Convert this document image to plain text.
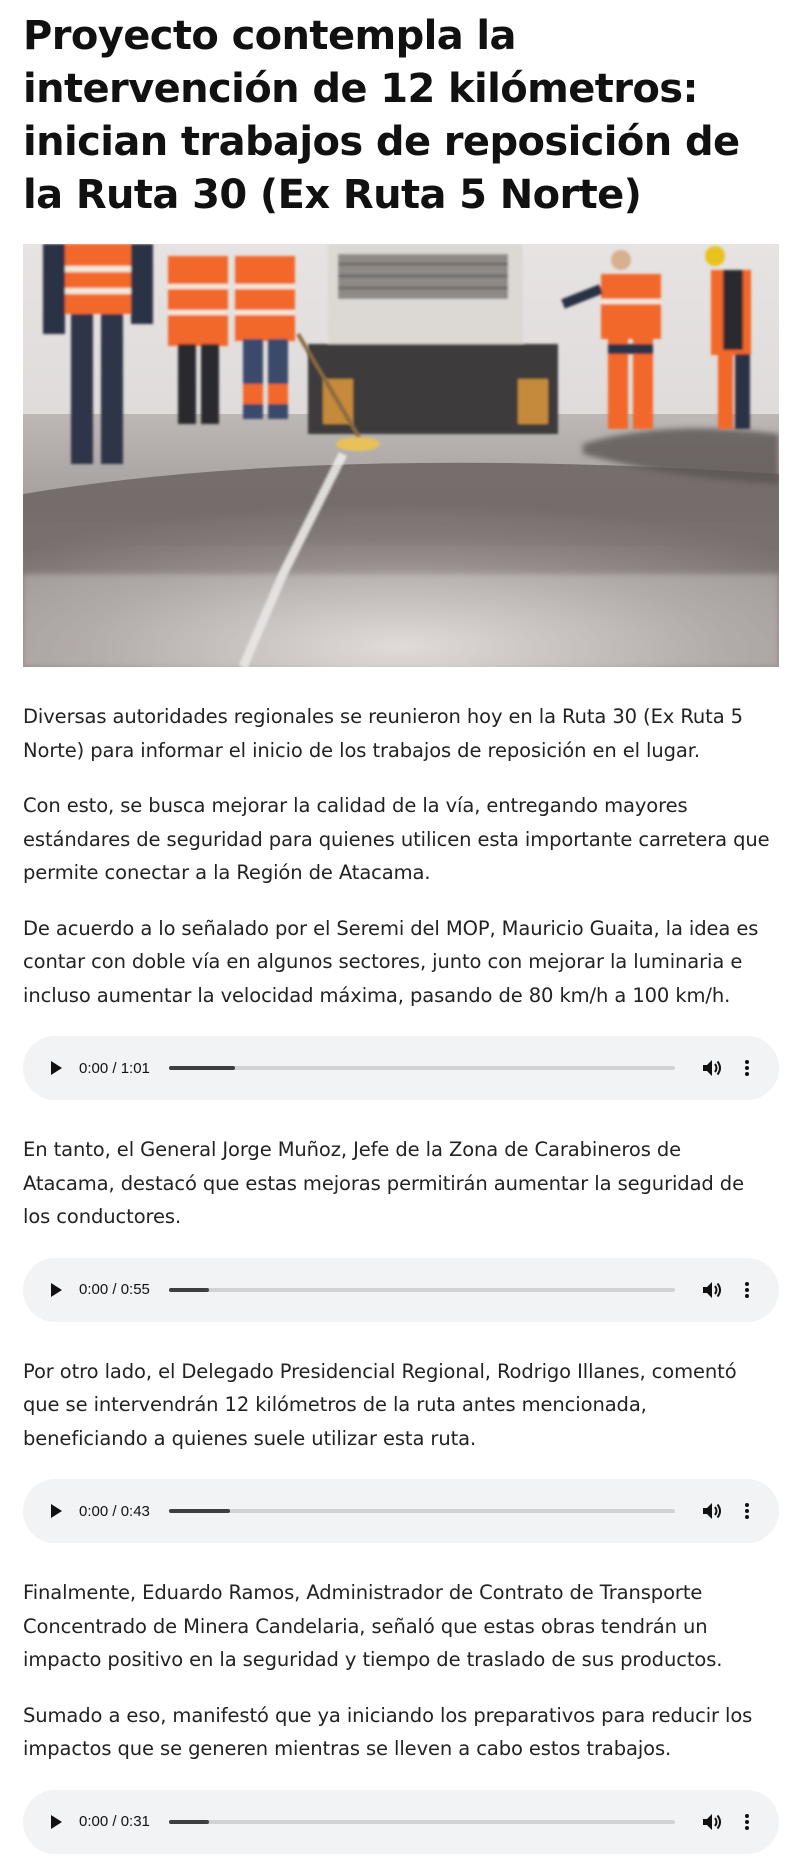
Proyecto contempla la intervención de 12 kilómetros: inician trabajos de reposición de la Ruta 30 (Ex Ruta 5 Norte)

Diversas autoridades regionales se reunieron hoy en la Ruta 30 (Ex Ruta 5 Norte) para informar el inicio de los trabajos de reposición en el lugar.

Con esto, se busca mejorar la calidad de la vía, entregando mayores estándares de seguridad para quienes utilicen esta importante carretera que permite conectar a la Región de Atacama.

De acuerdo a lo señalado por el Seremi del MOP, Mauricio Guaita, la idea es contar con doble vía en algunos sectores, junto con mejorar la luminaria e incluso aumentar la velocidad máxima, pasando de 80 km/h a 100 km/h.

0:00 / 1:01

En tanto, el General Jorge Muñoz, Jefe de la Zona de Carabineros de Atacama, destacó que estas mejoras permitirán aumentar la seguridad de los conductores.

0:00 / 0:55

Por otro lado, el Delegado Presidencial Regional, Rodrigo Illanes, comentó que se intervendrán 12 kilómetros de la ruta antes mencionada, beneficiando a quienes suele utilizar esta ruta.

0:00 / 0:43

Finalmente, Eduardo Ramos, Administrador de Contrato de Transporte Concentrado de Minera Candelaria, señaló que estas obras tendrán un impacto positivo en la seguridad y tiempo de traslado de sus productos.

Sumado a eso, manifestó que ya iniciando los preparativos para reducir los impactos que se generen mientras se lleven a cabo estos trabajos.

0:00 / 0:31
